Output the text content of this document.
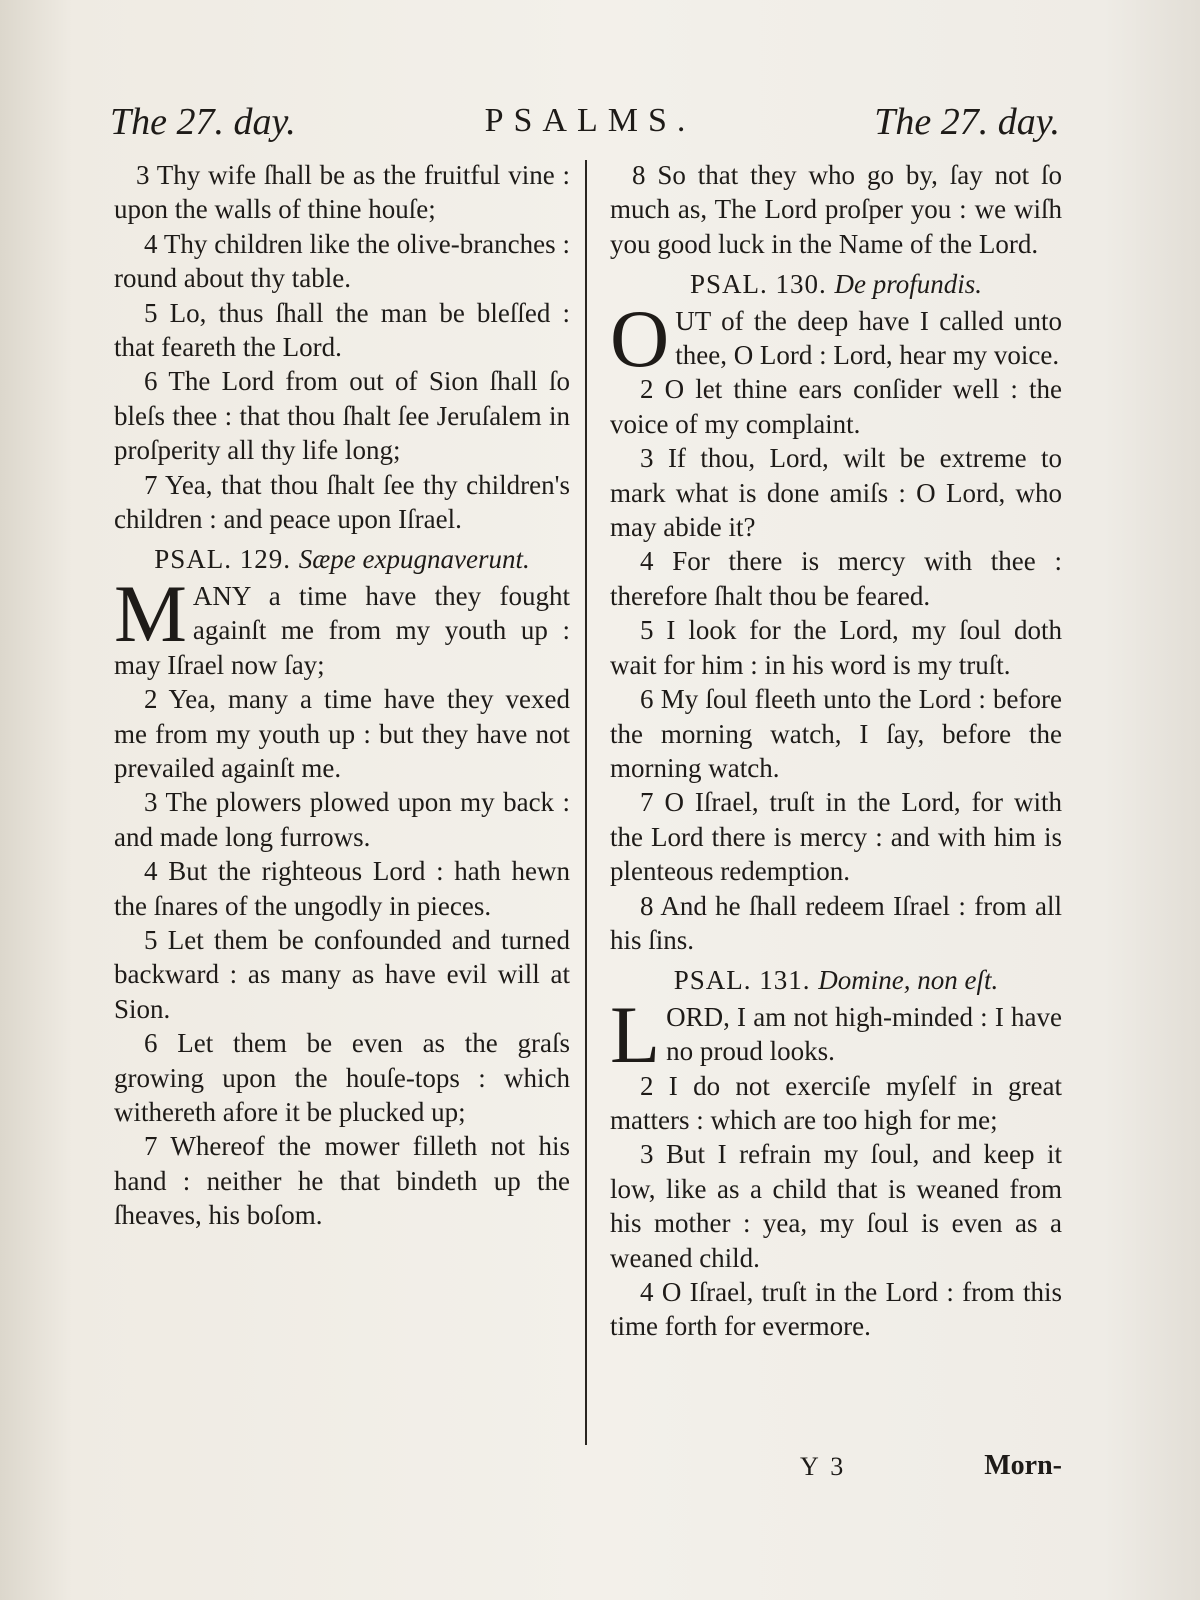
The 27. day.	PSALMS.	The 27. day.

3 Thy wife ſhall be as the fruitful vine : upon the walls of thine houſe;

4 Thy children like the olive-branches : round about thy table.

5 Lo, thus ſhall the man be bleſſed : that feareth the Lord.

6 The Lord from out of Sion ſhall ſo bleſs thee : that thou ſhalt ſee Jeruſalem in proſperity all thy life long;

7 Yea, that thou ſhalt ſee thy children's children : and peace upon Iſrael.

PSAL. 129. Sæpe expugnaverunt.

M ANY a time have they fought againſt me from my youth up : may Iſrael now ſay;

2 Yea, many a time have they vexed me from my youth up : but they have not prevailed againſt me.

3 The plowers plowed upon my back : and made long furrows.

4 But the righteous Lord : hath hewn the ſnares of the ungodly in pieces.

5 Let them be confounded and turned backward : as many as have evil will at Sion.

6 Let them be even as the graſs growing upon the houſe-tops : which withereth afore it be plucked up;

7 Whereof the mower filleth not his hand : neither he that bindeth up the ſheaves, his boſom.

8 So that they who go by, ſay not ſo much as, The Lord proſper you : we wiſh you good luck in the Name of the Lord.

PSAL. 130. De profundis.

O UT of the deep have I called unto thee, O Lord : Lord, hear my voice.

2 O let thine ears conſider well : the voice of my complaint.

3 If thou, Lord, wilt be extreme to mark what is done amiſs : O Lord, who may abide it?

4 For there is mercy with thee : therefore ſhalt thou be feared.

5 I look for the Lord, my ſoul doth wait for him : in his word is my truſt.

6 My ſoul fleeth unto the Lord : before the morning watch, I ſay, before the morning watch.

7 O Iſrael, truſt in the Lord, for with the Lord there is mercy : and with him is plenteous redemption.

8 And he ſhall redeem Iſrael : from all his ſins.

PSAL. 131. Domine, non eſt.

L ORD, I am not high-minded : I have no proud looks.

2 I do not exerciſe myſelf in great matters : which are too high for me;

3 But I refrain my ſoul, and keep it low, like as a child that is weaned from his mother : yea, my ſoul is even as a weaned child.

4 O Iſrael, truſt in the Lord : from this time forth for evermore.

Y 3	Morn-
